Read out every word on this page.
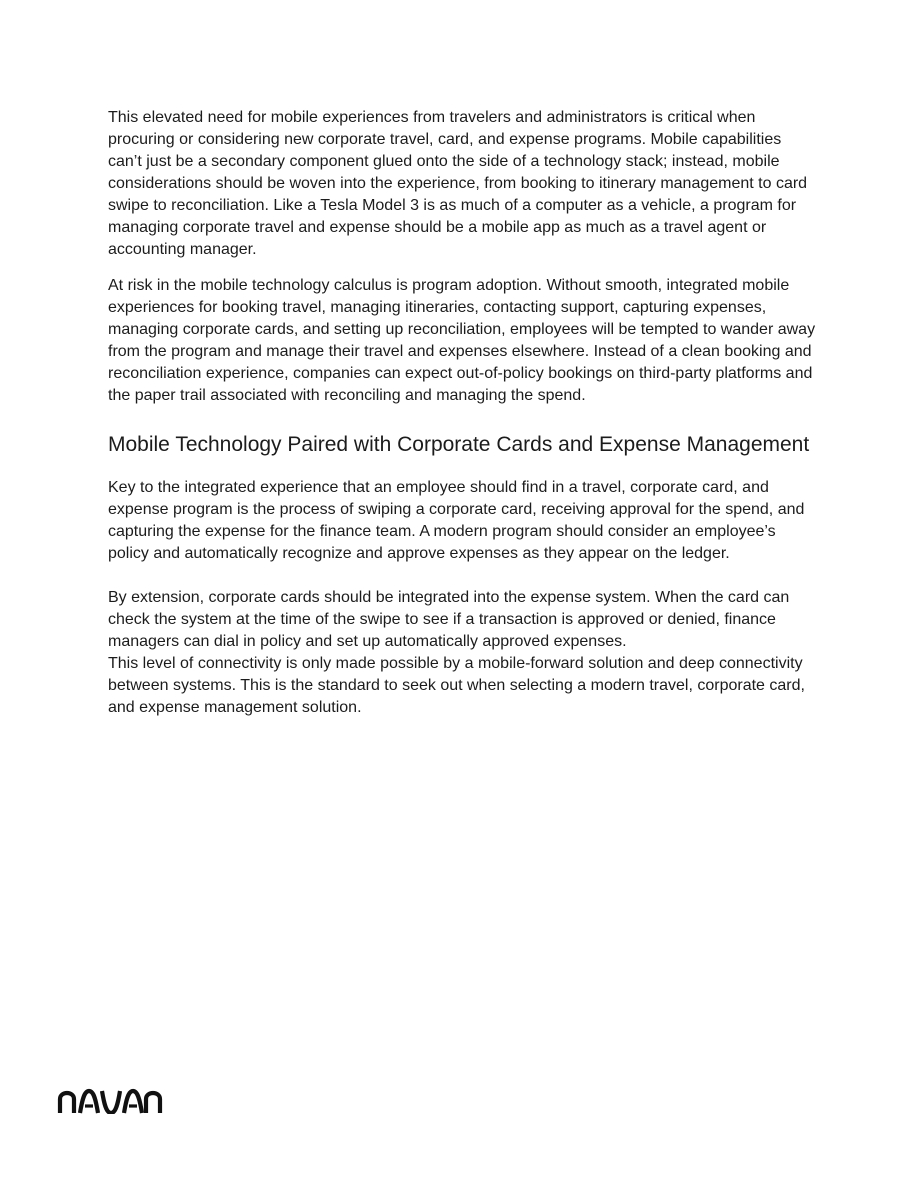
This elevated need for mobile experiences from travelers and administrators is critical when procuring or considering new corporate travel, card, and expense programs. Mobile capabilities can’t just be a secondary component glued onto the side of a technology stack; instead, mobile considerations should be woven into the experience, from booking to itinerary management to card swipe to reconciliation. Like a Tesla Model 3 is as much of a computer as a vehicle, a program for managing corporate travel and expense should be a mobile app as much as a travel agent or accounting manager.

At risk in the mobile technology calculus is program adoption. Without smooth, integrated mobile experiences for booking travel, managing itineraries, contacting support, capturing expenses, managing corporate cards, and setting up reconciliation, employees will be tempted to wander away from the program and manage their travel and expenses elsewhere. Instead of a clean booking and reconciliation experience, companies can expect out-of-policy bookings on third-party platforms and the paper trail associated with reconciling and managing the spend.

Mobile Technology Paired with Corporate Cards and Expense Management

Key to the integrated experience that an employee should find in a travel, corporate card, and expense program is the process of swiping a corporate card, receiving approval for the spend, and capturing the expense for the finance team. A modern program should consider an employee’s policy and automatically recognize and approve expenses as they appear on the ledger.

By extension, corporate cards should be integrated into the expense system. When the card can check the system at the time of the swipe to see if a transaction is approved or denied, finance managers can dial in policy and set up automatically approved expenses.

This level of connectivity is only made possible by a mobile-forward solution and deep connectivity between systems. This is the standard to seek out when selecting a modern travel, corporate card, and expense management solution.
